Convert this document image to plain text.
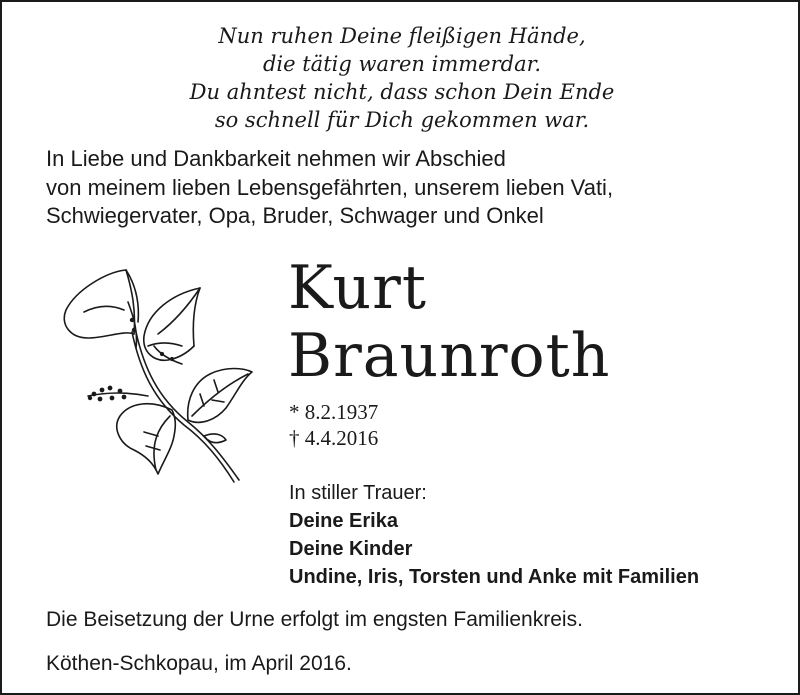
Nun ruhen Deine fleißigen Hände,
die tätig waren immerdar.
Du ahntest nicht, dass schon Dein Ende
so schnell für Dich gekommen war.
In Liebe und Dankbarkeit nehmen wir Abschied
von meinem lieben Lebensgefährten, unserem lieben Vati,
Schwiegervater, Opa, Bruder, Schwager und Onkel
Kurt
Braunroth
* 8.2.1937
† 4.4.2016
In stiller Trauer:
Deine Erika
Deine Kinder
Undine, Iris, Torsten und Anke mit Familien
Die Beisetzung der Urne erfolgt im engsten Familienkreis.
Köthen-Schkopau, im April 2016.
